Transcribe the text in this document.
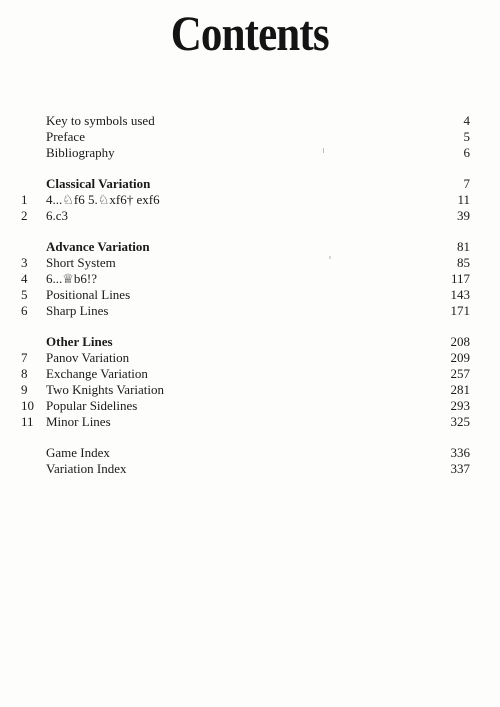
Contents
Key to symbols used	4
Preface	5
Bibliography	6
Classical Variation	7
1	4...♘f6 5.♘xf6† exf6	11
2	6.c3	39
Advance Variation	81
3	Short System	85
4	6...♕b6!?	117
5	Positional Lines	143
6	Sharp Lines	171
Other Lines	208
7	Panov Variation	209
8	Exchange Variation	257
9	Two Knights Variation	281
10 Popular Sidelines	293
11 Minor Lines	325
Game Index	336
Variation Index	337
